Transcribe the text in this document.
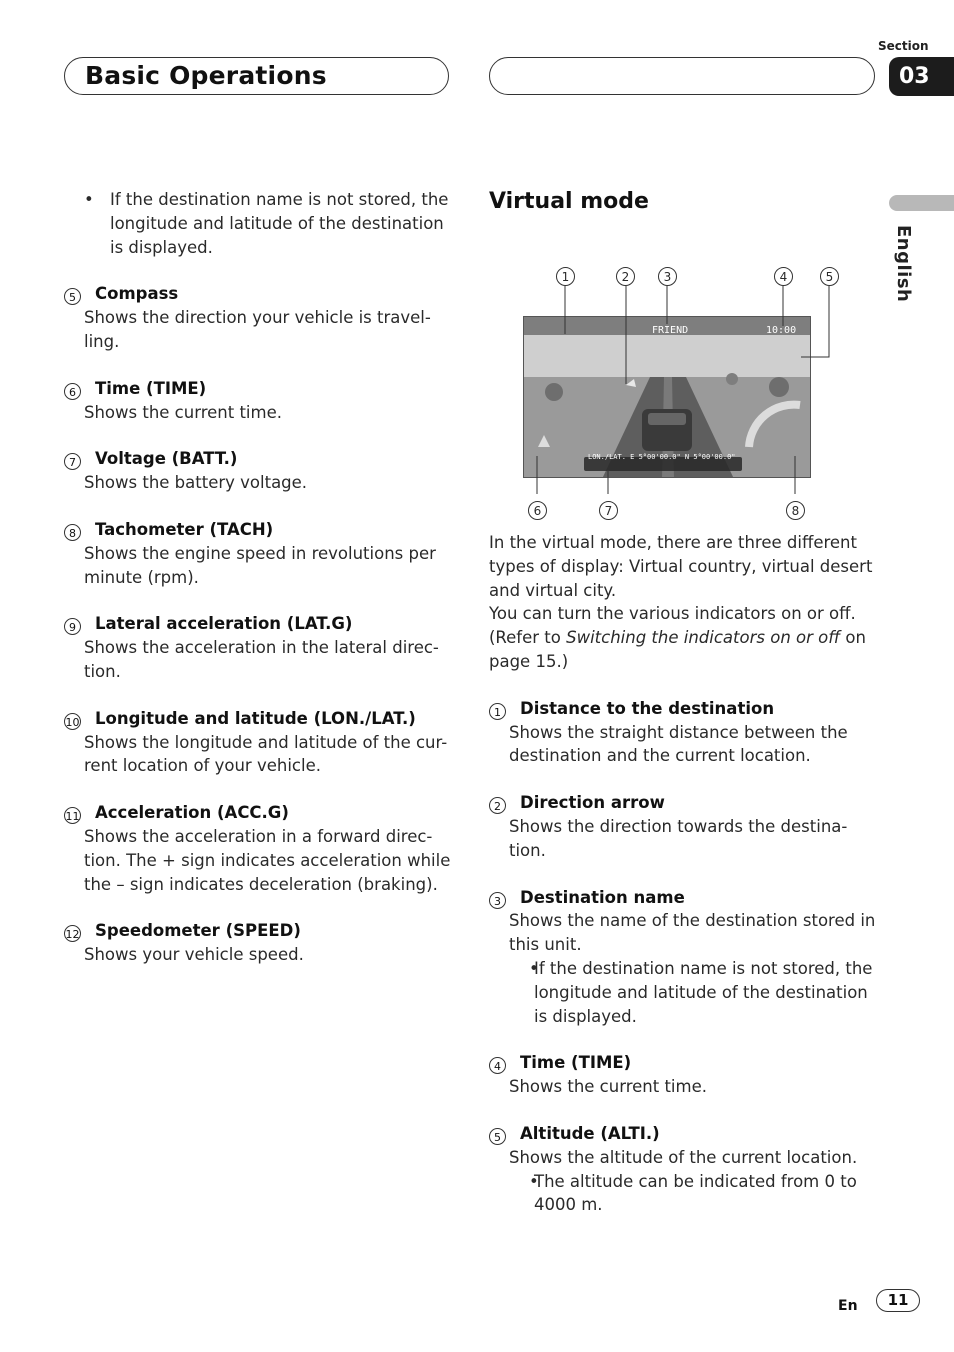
Basic Operations
Section
03
English

• If the destination name is not stored, the longitude and latitude of the destination is displayed.

5	Compass

Shows the direction your vehicle is travel-ling.

6	Time (TIME)

Shows the current time.

7	Voltage (BATT.)

Shows the battery voltage.

8	Tachometer (TACH)

Shows the engine speed in revolutions per minute (rpm).

9	Lateral acceleration (LAT.G)

Shows the acceleration in the lateral direc-tion.

10 Longitude and latitude (LON./LAT.)

Shows the longitude and latitude of the cur-rent location of your vehicle.

11 Acceleration (ACC.G)

Shows the acceleration in a forward direc-tion. The + sign indicates acceleration while the – sign indicates deceleration (braking).

12 Speedometer (SPEED)

Shows your vehicle speed.

Virtual mode
1	2	3	4	5
FRIEND	10:00
LON./LAT. E 5°00'00.0" N 5°00'00.0"
6	7	8

In the virtual mode, there are three different types of display: Virtual country, virtual desert and virtual city.

You can turn the various indicators on or off.

(Refer to Switching the indicators on or off on page 15.)

1	Distance to the destination

Shows the straight distance between the destination and the current location.

2	Direction arrow

Shows the direction towards the destina-tion.

3	Destination name

Shows the name of the destination stored in this unit.

• If the destination name is not stored, the longitude and latitude of the destination is displayed.

4	Time (TIME)

Shows the current time.

5	Altitude (ALTI.)

Shows the altitude of the current location.

• The altitude can be indicated from 0 to 4000 m.

En	11
